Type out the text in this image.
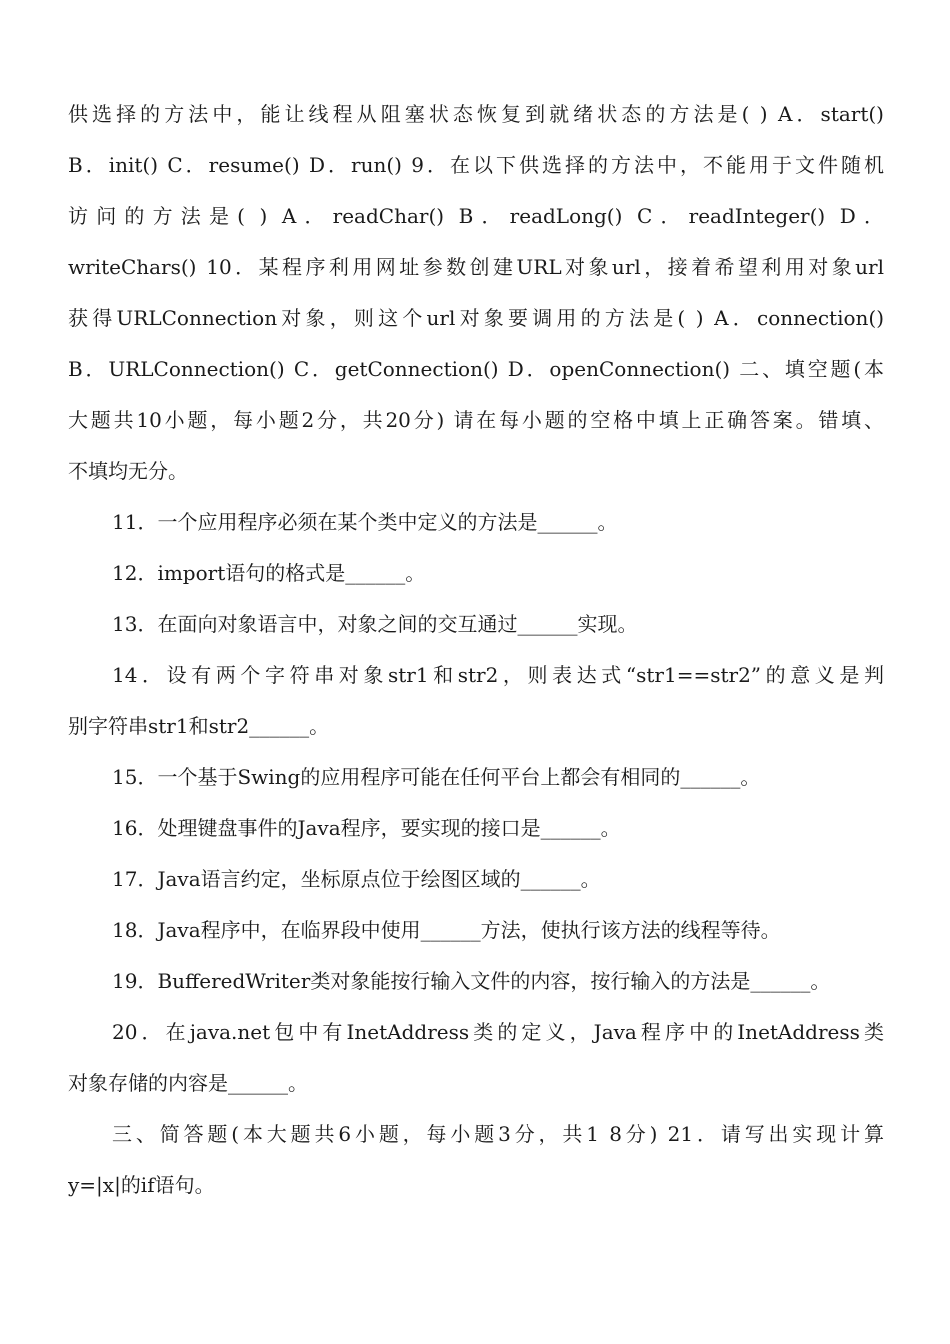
供选择的方法中，能让线程从阻塞状态恢复到就绪状态的方法是( ) A．start()
B．init() C．resume() D．run() 9．在以下供选择的方法中，不能用于文件随机
访问的方法是( ) A．readChar() B．readLong() C．readInteger() D．
writeChars() 10．某程序利用网址参数创建URL对象url，接着希望利用对象url
获得URLConnection对象，则这个url对象要调用的方法是( ) A．connection()
B．URLConnection() C．getConnection() D．openConnection() 二、填空题(本
大题共10小题，每小题2分，共20分) 请在每小题的空格中填上正确答案。错填、
不填均无分。
11．一个应用程序必须在某个类中定义的方法是______。
12．import语句的格式是______。
13．在面向对象语言中，对象之间的交互通过______实现。
14．设有两个字符串对象str1和str2，则表达式“str1==str2”的意义是判
别字符串str1和str2______。
15．一个基于Swing的应用程序可能在任何平台上都会有相同的______。
16．处理键盘事件的Java程序，要实现的接口是______。
17．Java语言约定，坐标原点位于绘图区域的______。
18．Java程序中，在临界段中使用______方法，使执行该方法的线程等待。
19．BufferedWriter类对象能按行输入文件的内容，按行输入的方法是______。
20．在java.net包中有InetAddress类的定义，Java程序中的InetAddress类
对象存储的内容是______。
三、简答题(本大题共6小题，每小题3分，共1 8分) 21．请写出实现计算
y=|x|的if语句。
